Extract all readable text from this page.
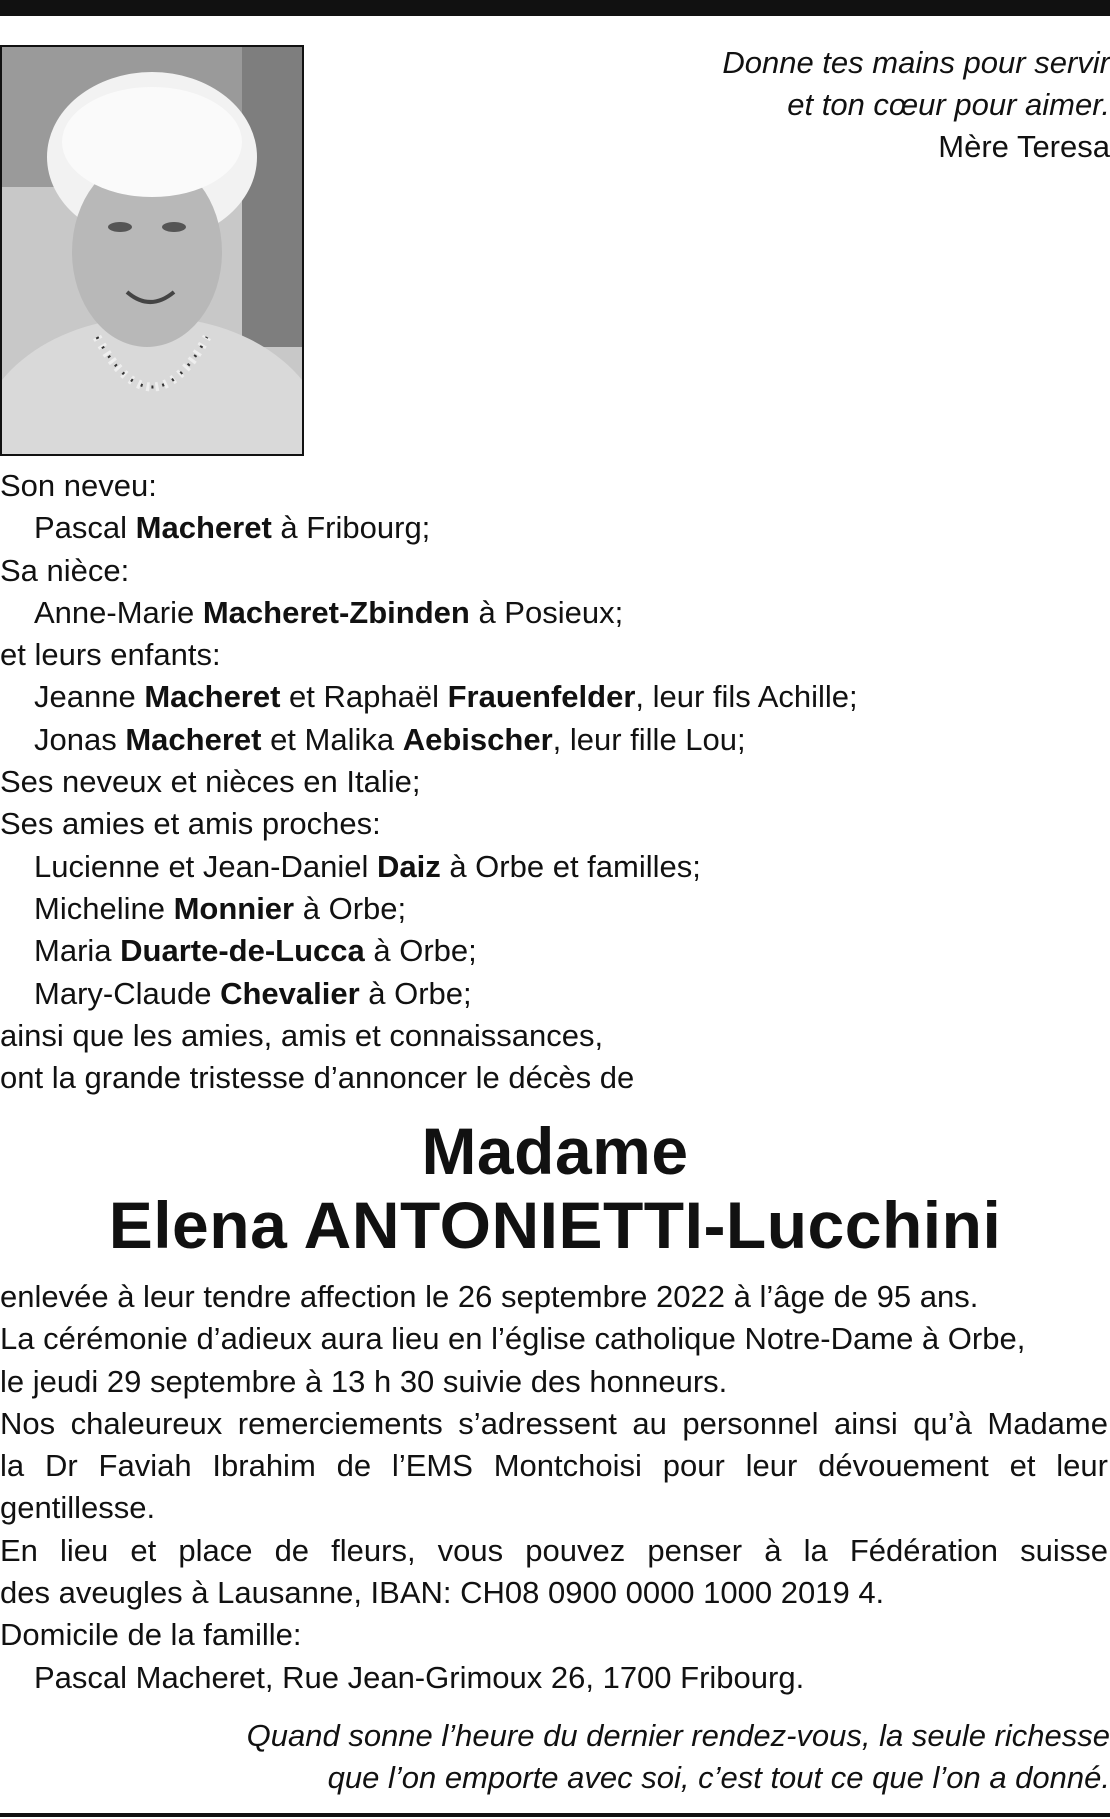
Donne tes mains pour servir
et ton cœur pour aimer.
Mère Teresa
Son neveu:
Pascal Macheret à Fribourg;
Sa nièce:
Anne-Marie Macheret-Zbinden à Posieux;
et leurs enfants:
Jeanne Macheret et Raphaël Frauenfelder, leur fils Achille;
Jonas Macheret et Malika Aebischer, leur fille Lou;
Ses neveux et nièces en Italie;
Ses amies et amis proches:
Lucienne et Jean-Daniel Daiz à Orbe et familles;
Micheline Monnier à Orbe;
Maria Duarte-de-Lucca à Orbe;
Mary-Claude Chevalier à Orbe;
ainsi que les amies, amis et connaissances,
ont la grande tristesse d’annoncer le décès de
Madame
Elena ANTONIETTI-Lucchini
enlevée à leur tendre affection le 26 septembre 2022 à l’âge de 95 ans.
La cérémonie d’adieux aura lieu en l’église catholique Notre-Dame à Orbe,
le jeudi 29 septembre à 13 h 30 suivie des honneurs.
Nos chaleureux remerciements s’adressent au personnel ainsi qu’à Madame
la Dr Faviah Ibrahim de l’EMS Montchoisi pour leur dévouement et leur
gentillesse.
En lieu et place de fleurs, vous pouvez penser à la Fédération suisse
des aveugles à Lausanne, IBAN: CH08 0900 0000 1000 2019 4.
Domicile de la famille:
Pascal Macheret, Rue Jean-Grimoux 26, 1700 Fribourg.
Quand sonne l’heure du dernier rendez-vous, la seule richesse
que l’on emporte avec soi, c’est tout ce que l’on a donné.
